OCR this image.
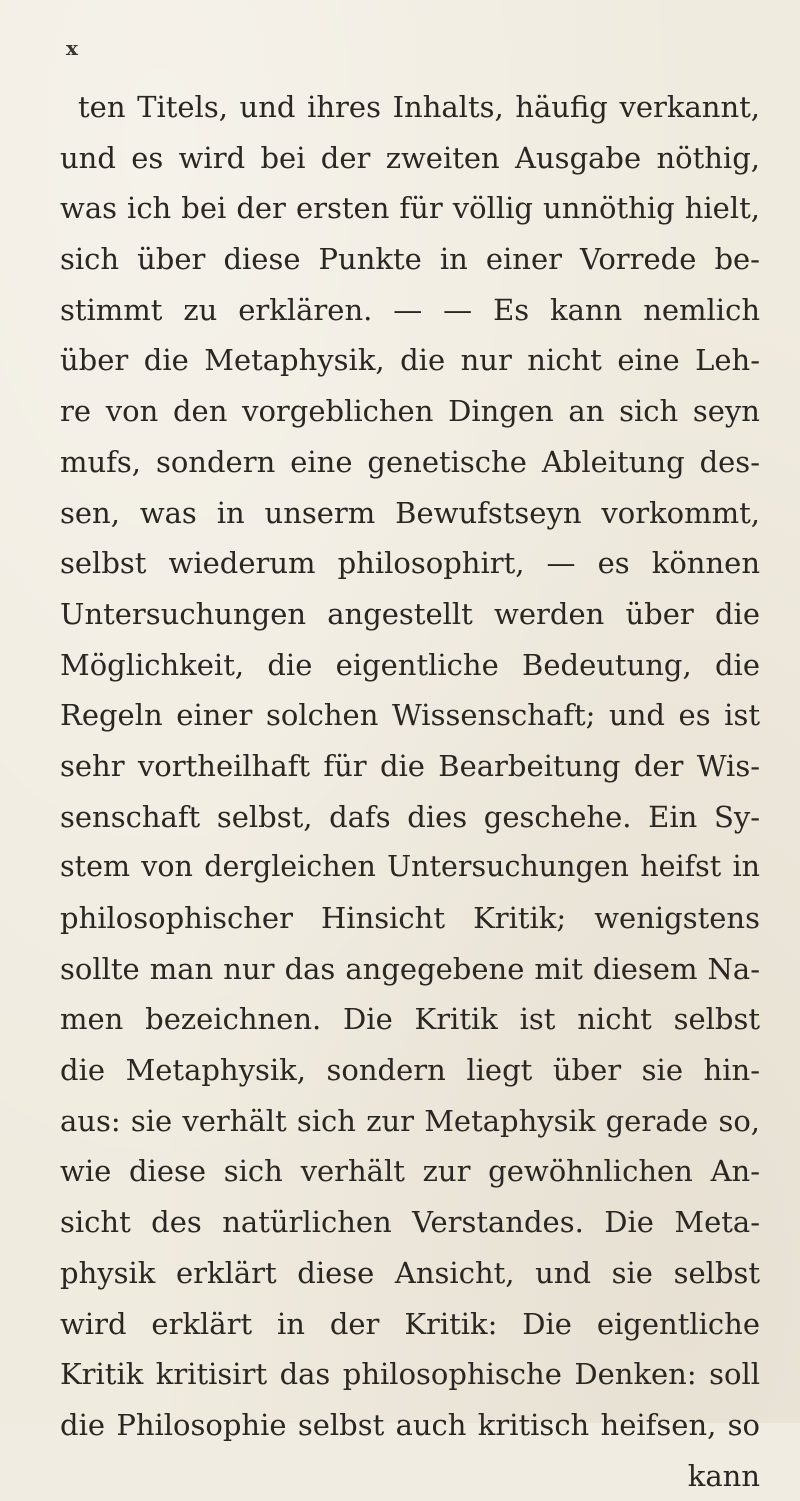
x
ten Titels, und ihres Inhalts, häufig verkannt,
und es wird bei der zweiten Ausgabe nöthig,
was ich bei der ersten für völlig unnöthig hielt,
sich über diese Punkte in einer Vorrede be-
stimmt zu erklären. — — Es kann nemlich
über die Metaphysik, die nur nicht eine Leh-
re von den vorgeblichen Dingen an sich seyn
mufs, sondern eine genetische Ableitung des-
sen, was in unserm Bewufstseyn vorkommt,
selbst wiederum philosophirt, — es können
Untersuchungen angestellt werden über die
Möglichkeit, die eigentliche Bedeutung, die
Regeln einer solchen Wissenschaft; und es ist
sehr vortheilhaft für die Bearbeitung der Wis-
senschaft selbst, dafs dies geschehe. Ein Sy-
stem von dergleichen Untersuchungen heifst in
philosophischer Hinsicht Kritik; wenigstens
sollte man nur das angegebene mit diesem Na-
men bezeichnen. Die Kritik ist nicht selbst
die Metaphysik, sondern liegt über sie hin-
aus: sie verhält sich zur Metaphysik gerade so,
wie diese sich verhält zur gewöhnlichen An-
sicht des natürlichen Verstandes. Die Meta-
physik erklärt diese Ansicht, und sie selbst
wird erklärt in der Kritik: Die eigentliche
Kritik kritisirt das philosophische Denken: soll
die Philosophie selbst auch kritisch heifsen, so
kann
